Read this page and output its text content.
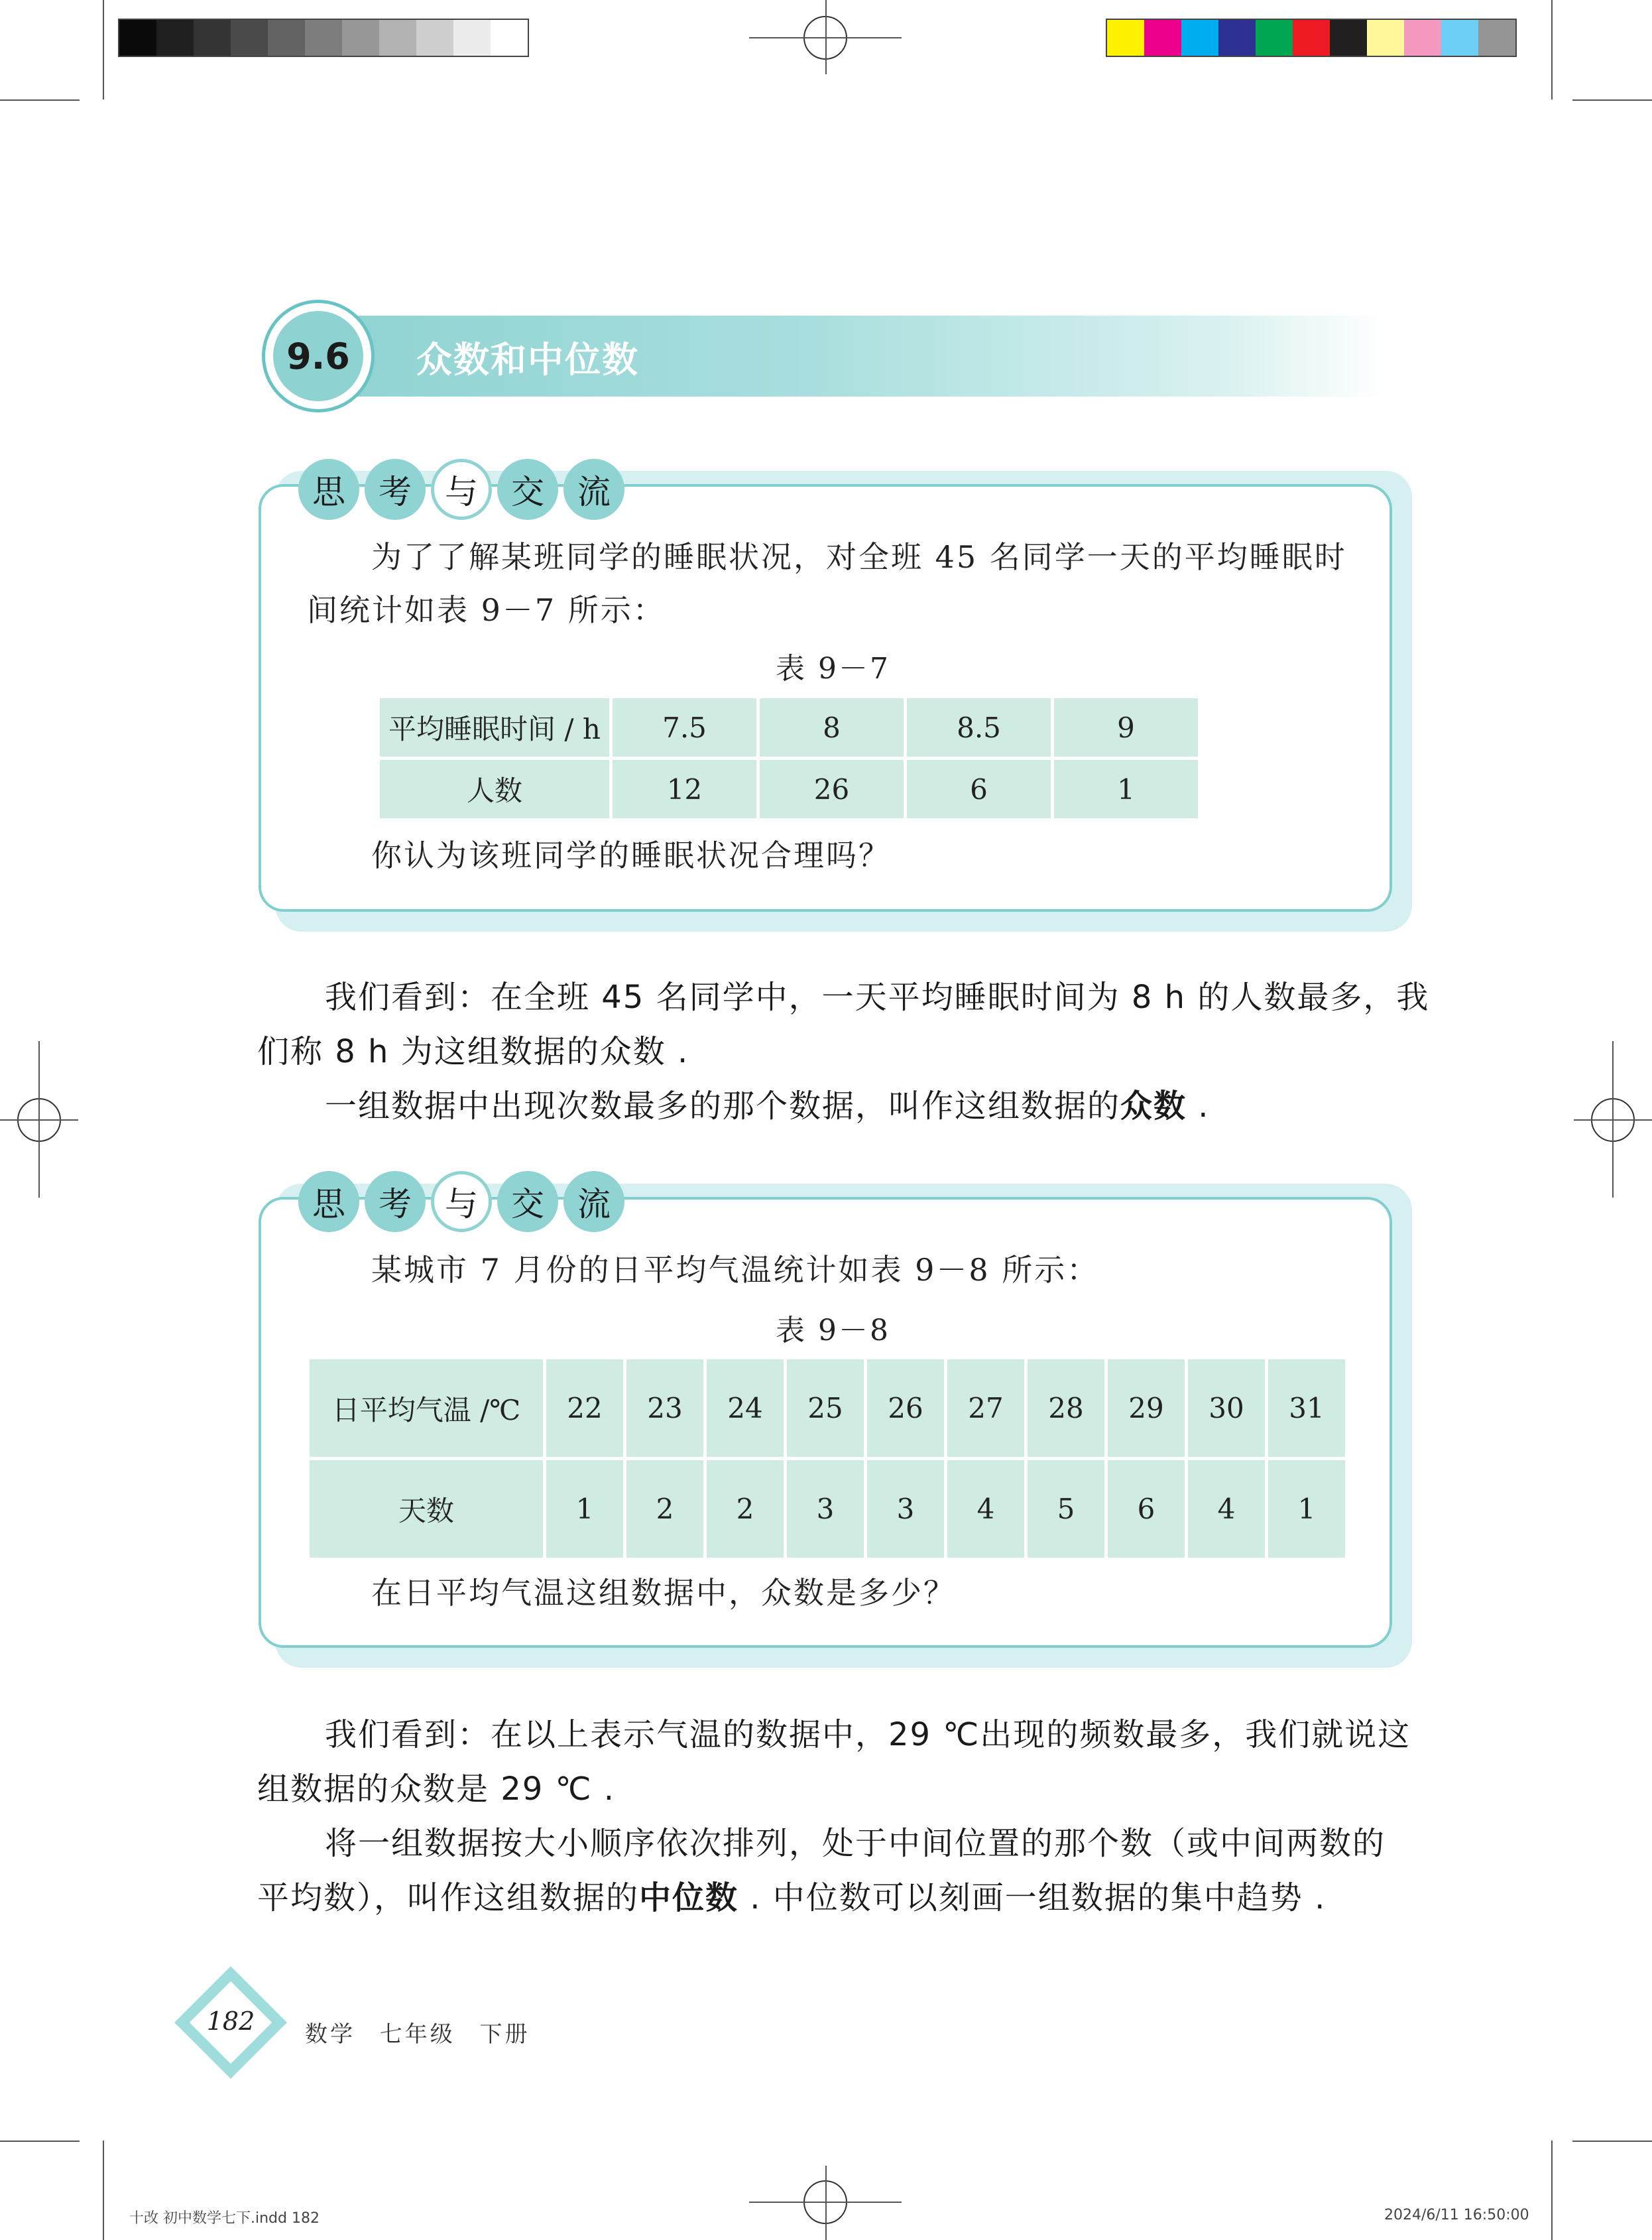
9.6	众数和中位数
思	考	与	交	流
为了了解某班同学的睡眠状况，对全班 45 名同学一天的平均睡眠时
间统计如表 9－7 所示：
表 9－7
平均睡眠时间 / h	7.5	8	8.5	9
人数	12	26	6	1
你认为该班同学的睡眠状况合理吗？
我们看到：在全班 45 名同学中，一天平均睡眠时间为 8 h 的人数最多，我
们称 8 h 为这组数据的众数 .
一组数据中出现次数最多的那个数据，叫作这组数据的众数 .
思	考	与	交	流
某城市 7 月份的日平均气温统计如表 9－8 所示：
表 9－8
日平均气温 /℃	22	23	24	25	26	27	28	29	30	31
天数	1	2	2	3	3	4	5	6	4	1
在日平均气温这组数据中，众数是多少？
我们看到：在以上表示气温的数据中，29 ℃出现的频数最多，我们就说这
组数据的众数是 29 ℃ .
将一组数据按大小顺序依次排列，处于中间位置的那个数（或中间两数的
平均数），叫作这组数据的中位数 . 中位数可以刻画一组数据的集中趋势 .
182	数学 七年级 下册
十改 初中数学七下.indd 182	2024/6/11 16:50:00
